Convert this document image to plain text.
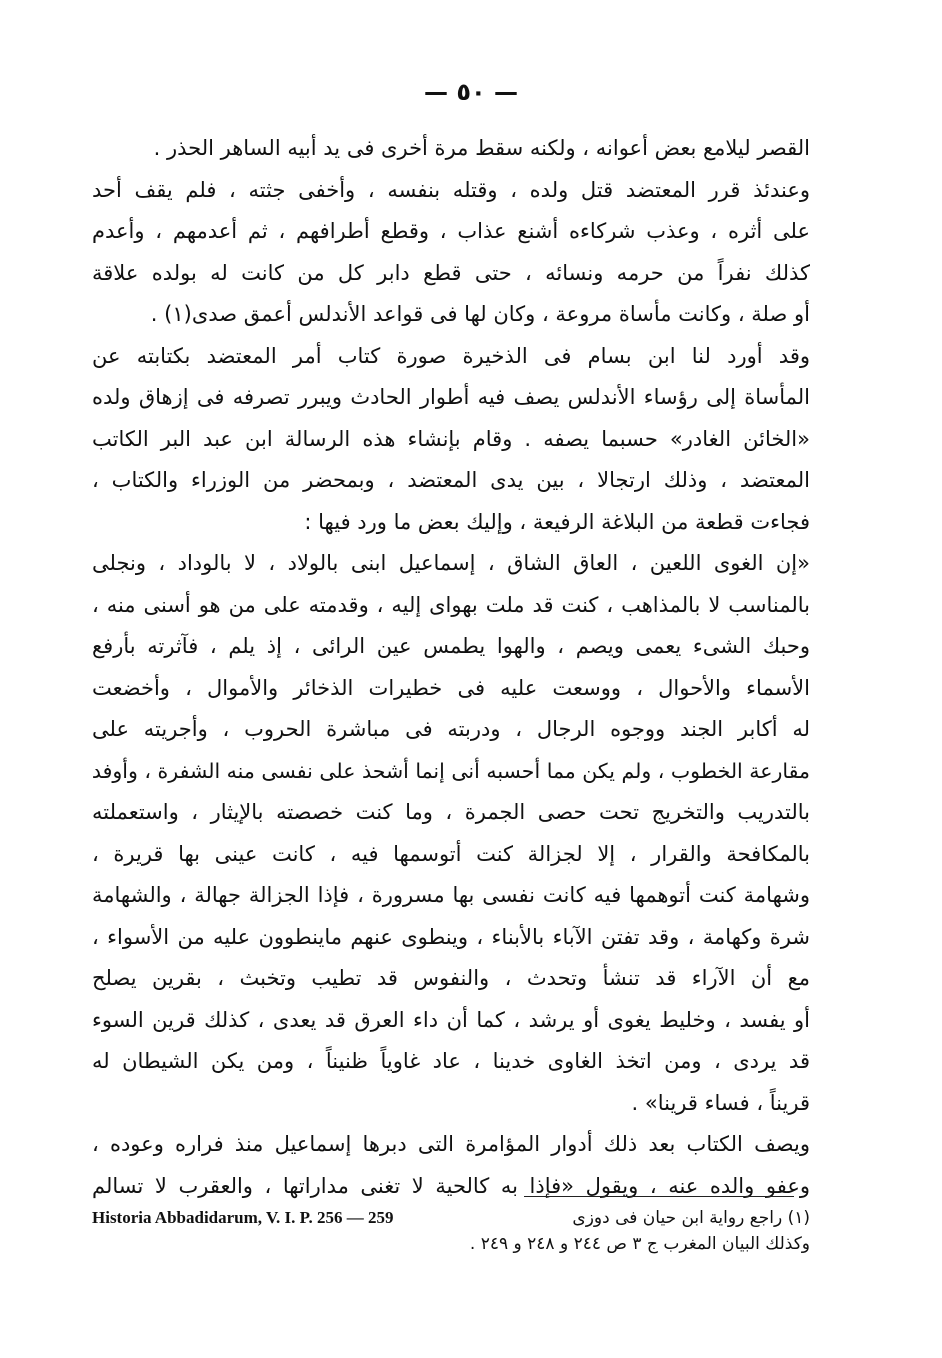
— ٥٠ —
القصر ليلامع بعض أعوانه ، ولكنه سقط مرة أخرى فى يد أبيه الساهر الحذر .
وعندئذ قرر المعتضد قتل ولده ، وقتله بنفسه ، وأخفى جثته ، فلم يقف أحد
على أثره ، وعذب شركاءه أشنع عذاب ، وقطع أطرافهم ، ثم أعدمهم ، وأعدم
كذلك نفراً من حرمه ونسائه ، حتى قطع دابر كل من كانت له بولده علاقة
أو صلة ، وكانت مأساة مروعة ، وكان لها فى قواعد الأندلس أعمق صدى(١) .
وقد أورد لنا ابن بسام فى الذخيرة صورة كتاب أمر المعتضد بكتابته عن
المأساة إلى رؤساء الأندلس يصف فيه أطوار الحادث ويبرر تصرفه فى إزهاق ولده
«الخائن الغادر» حسبما يصفه . وقام بإنشاء هذه الرسالة ابن عبد البر الكاتب
المعتضد ، وذلك ارتجالا ، بين يدى المعتضد ، وبمحضر من الوزراء والكتاب ،
فجاءت قطعة من البلاغة الرفيعة ، وإليك بعض ما ورد فيها :
«إن الغوى اللعين ، العاق الشاق ، إسماعيل ابنى بالولاد ، لا بالوداد ، ونجلى
بالمناسب لا بالمذاهب ، كنت قد ملت بهواى إليه ، وقدمته على من هو أسنى منه ،
وحبك الشىء يعمى ويصم ، والهوا يطمس عين الرائى ، إذ يلم ، فآثرته بأرفع
الأسماء والأحوال ، ووسعت عليه فى خطيرات الذخائر والأموال ، وأخضعت
له أكابر الجند ووجوه الرجال ، ودربته فى مباشرة الحروب ، وأجريته على
مقارعة الخطوب ، ولم يكن مما أحسبه أنى إنما أشحذ على نفسى منه الشفرة ، وأوفد
بالتدريب والتخريج تحت حصى الجمرة ، وما كنت خصصته بالإيثار ، واستعملته
بالمكافحة والقرار ، إلا لجزالة كنت أتوسمها فيه ، كانت عينى بها قريرة ،
وشهامة كنت أتوهمها فيه كانت نفسى بها مسرورة ، فإذا الجزالة جهالة ، والشهامة
شرة وكهامة ، وقد تفتن الآباء بالأبناء ، وينطوى عنهم ماينطوون عليه من الأسواء ،
مع أن الآراء قد تنشأ وتحدث ، والنفوس قد تطيب وتخبث ، بقرين يصلح
أو يفسد ، وخليط يغوى أو يرشد ، كما أن داء العرق قد يعدى ، كذلك قرين السوء
قد يردى ، ومن اتخذ الغاوى خدينا ، عاد غاوياً ظنيناً ، ومن يكن الشيطان له
قريناً ، فساء قرينا» .
ويصف الكتاب بعد ذلك أدوار المؤامرة التى دبرها إسماعيل منذ فراره وعوده ،
وعفو والده عنه ، ويقول «فإذا به كالحية لا تغنى مداراتها ، والعقرب لا تسالم
(١) راجع رواية ابن حيان فى دوزى
Historia Abbadidarum, V. I. P. 256 — 259
وكذلك البيان المغرب ج ٣ ص ٢٤٤ و ٢٤٨ و ٢٤٩ .
